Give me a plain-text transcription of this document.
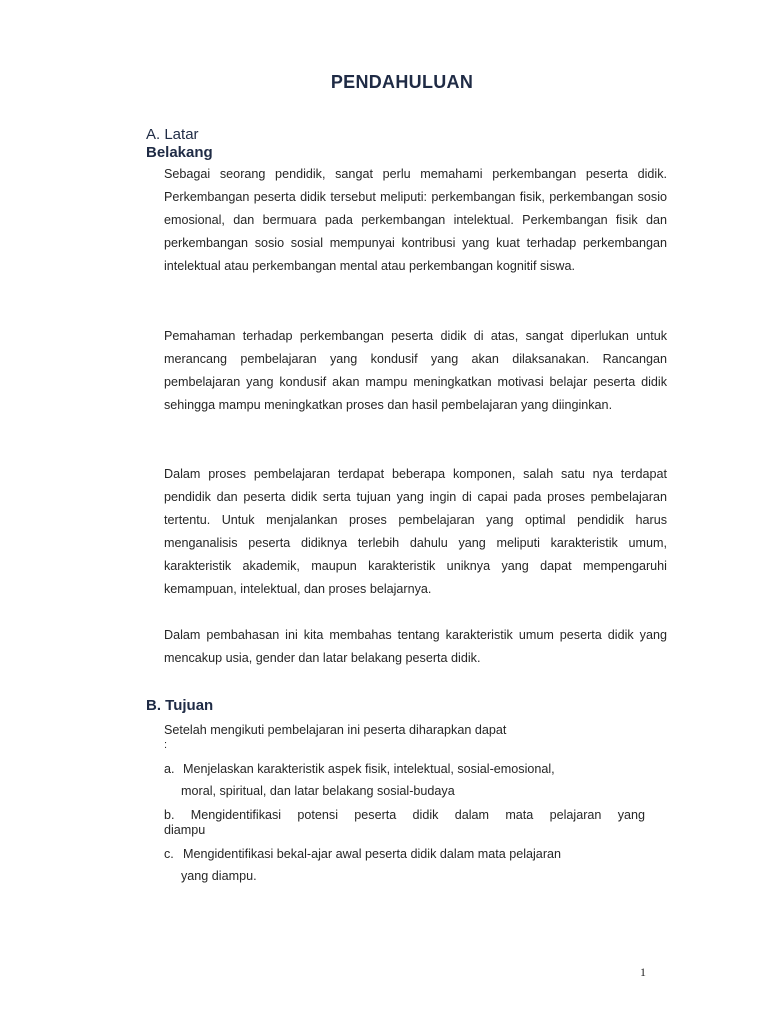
PENDAHULUAN
A. Latar
Belakang

Sebagai seorang pendidik, sangat perlu memahami perkembangan peserta didik. Perkembangan peserta didik tersebut meliputi: perkembangan fisik, perkembangan sosio emosional, dan bermuara pada perkembangan intelektual. Perkembangan fisik dan perkembangan sosio sosial mempunyai kontribusi yang kuat terhadap perkembangan intelektual atau perkembangan mental atau perkembangan kognitif siswa.

Pemahaman terhadap perkembangan peserta didik di atas, sangat diperlukan untuk merancang pembelajaran yang kondusif yang akan dilaksanakan. Rancangan pembelajaran yang kondusif akan mampu meningkatkan motivasi belajar peserta didik sehingga mampu meningkatkan proses dan hasil pembelajaran yang diinginkan.

Dalam proses pembelajaran terdapat beberapa komponen, salah satu nya terdapat pendidik dan peserta didik serta tujuan yang ingin di capai pada proses pembelajaran tertentu. Untuk menjalankan proses pembelajaran yang optimal pendidik harus menganalisis peserta didiknya terlebih dahulu yang meliputi karakteristik umum, karakteristik akademik, maupun karakteristik uniknya yang dapat mempengaruhi kemampuan, intelektual, dan proses belajarnya.

Dalam pembahasan ini kita membahas tentang karakteristik umum peserta didik yang mencakup usia, gender dan latar belakang peserta didik.

B. Tujuan
Setelah mengikuti pembelajaran ini peserta diharapkan dapat
:
a. Menjelaskan karakteristik aspek fisik, intelektual, sosial-emosional,
moral, spiritual, dan latar belakang sosial-budaya
b. Mengidentifikasi potensi peserta didik dalam mata pelajaran yang
diampu
c. Mengidentifikasi bekal-ajar awal peserta didik dalam mata pelajaran
yang diampu.
1
